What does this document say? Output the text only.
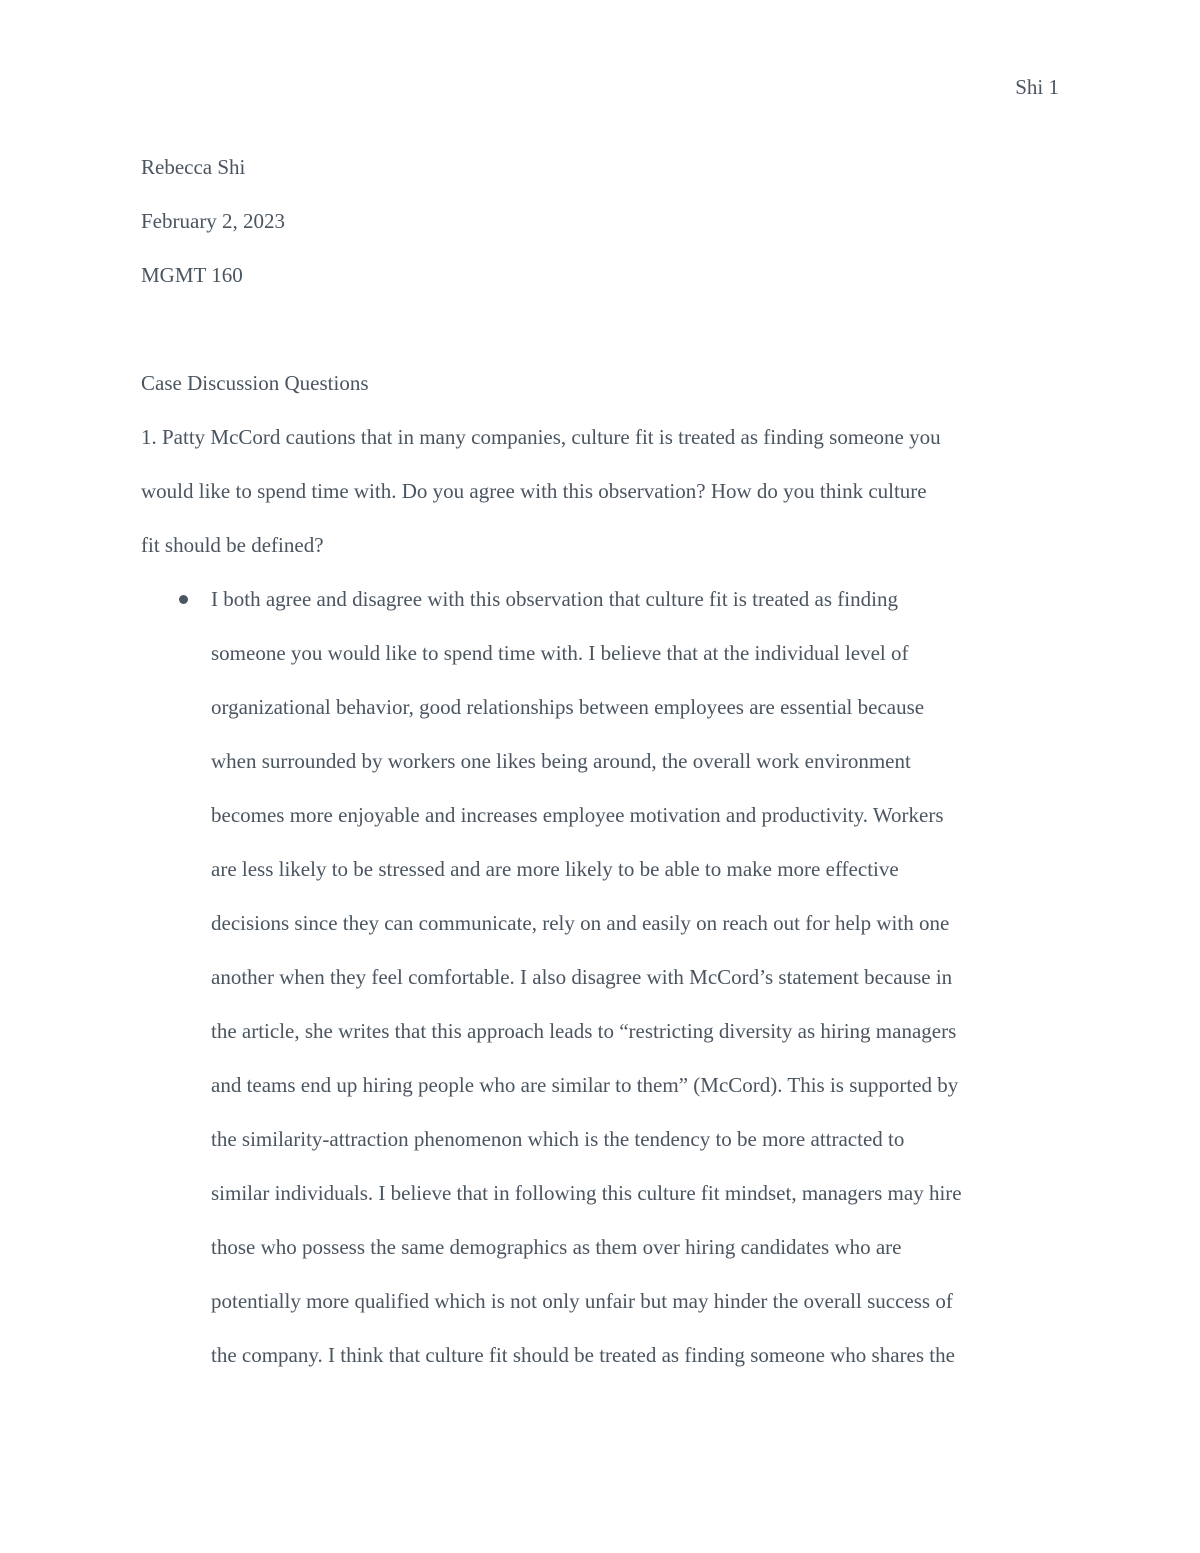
Shi 1
Rebecca Shi
February 2, 2023
MGMT 160
Case Discussion Questions
1. Patty McCord cautions that in many companies, culture fit is treated as finding someone you
would like to spend time with. Do you agree with this observation? How do you think culture
fit should be defined?
I both agree and disagree with this observation that culture fit is treated as finding
someone you would like to spend time with. I believe that at the individual level of
organizational behavior, good relationships between employees are essential because
when surrounded by workers one likes being around, the overall work environment
becomes more enjoyable and increases employee motivation and productivity. Workers
are less likely to be stressed and are more likely to be able to make more effective
decisions since they can communicate, rely on and easily on reach out for help with one
another when they feel comfortable. I also disagree with McCord’s statement because in
the article, she writes that this approach leads to “restricting diversity as hiring managers
and teams end up hiring people who are similar to them” (McCord). This is supported by
the similarity-attraction phenomenon which is the tendency to be more attracted to
similar individuals. I believe that in following this culture fit mindset, managers may hire
those who possess the same demographics as them over hiring candidates who are
potentially more qualified which is not only unfair but may hinder the overall success of
the company. I think that culture fit should be treated as finding someone who shares the
